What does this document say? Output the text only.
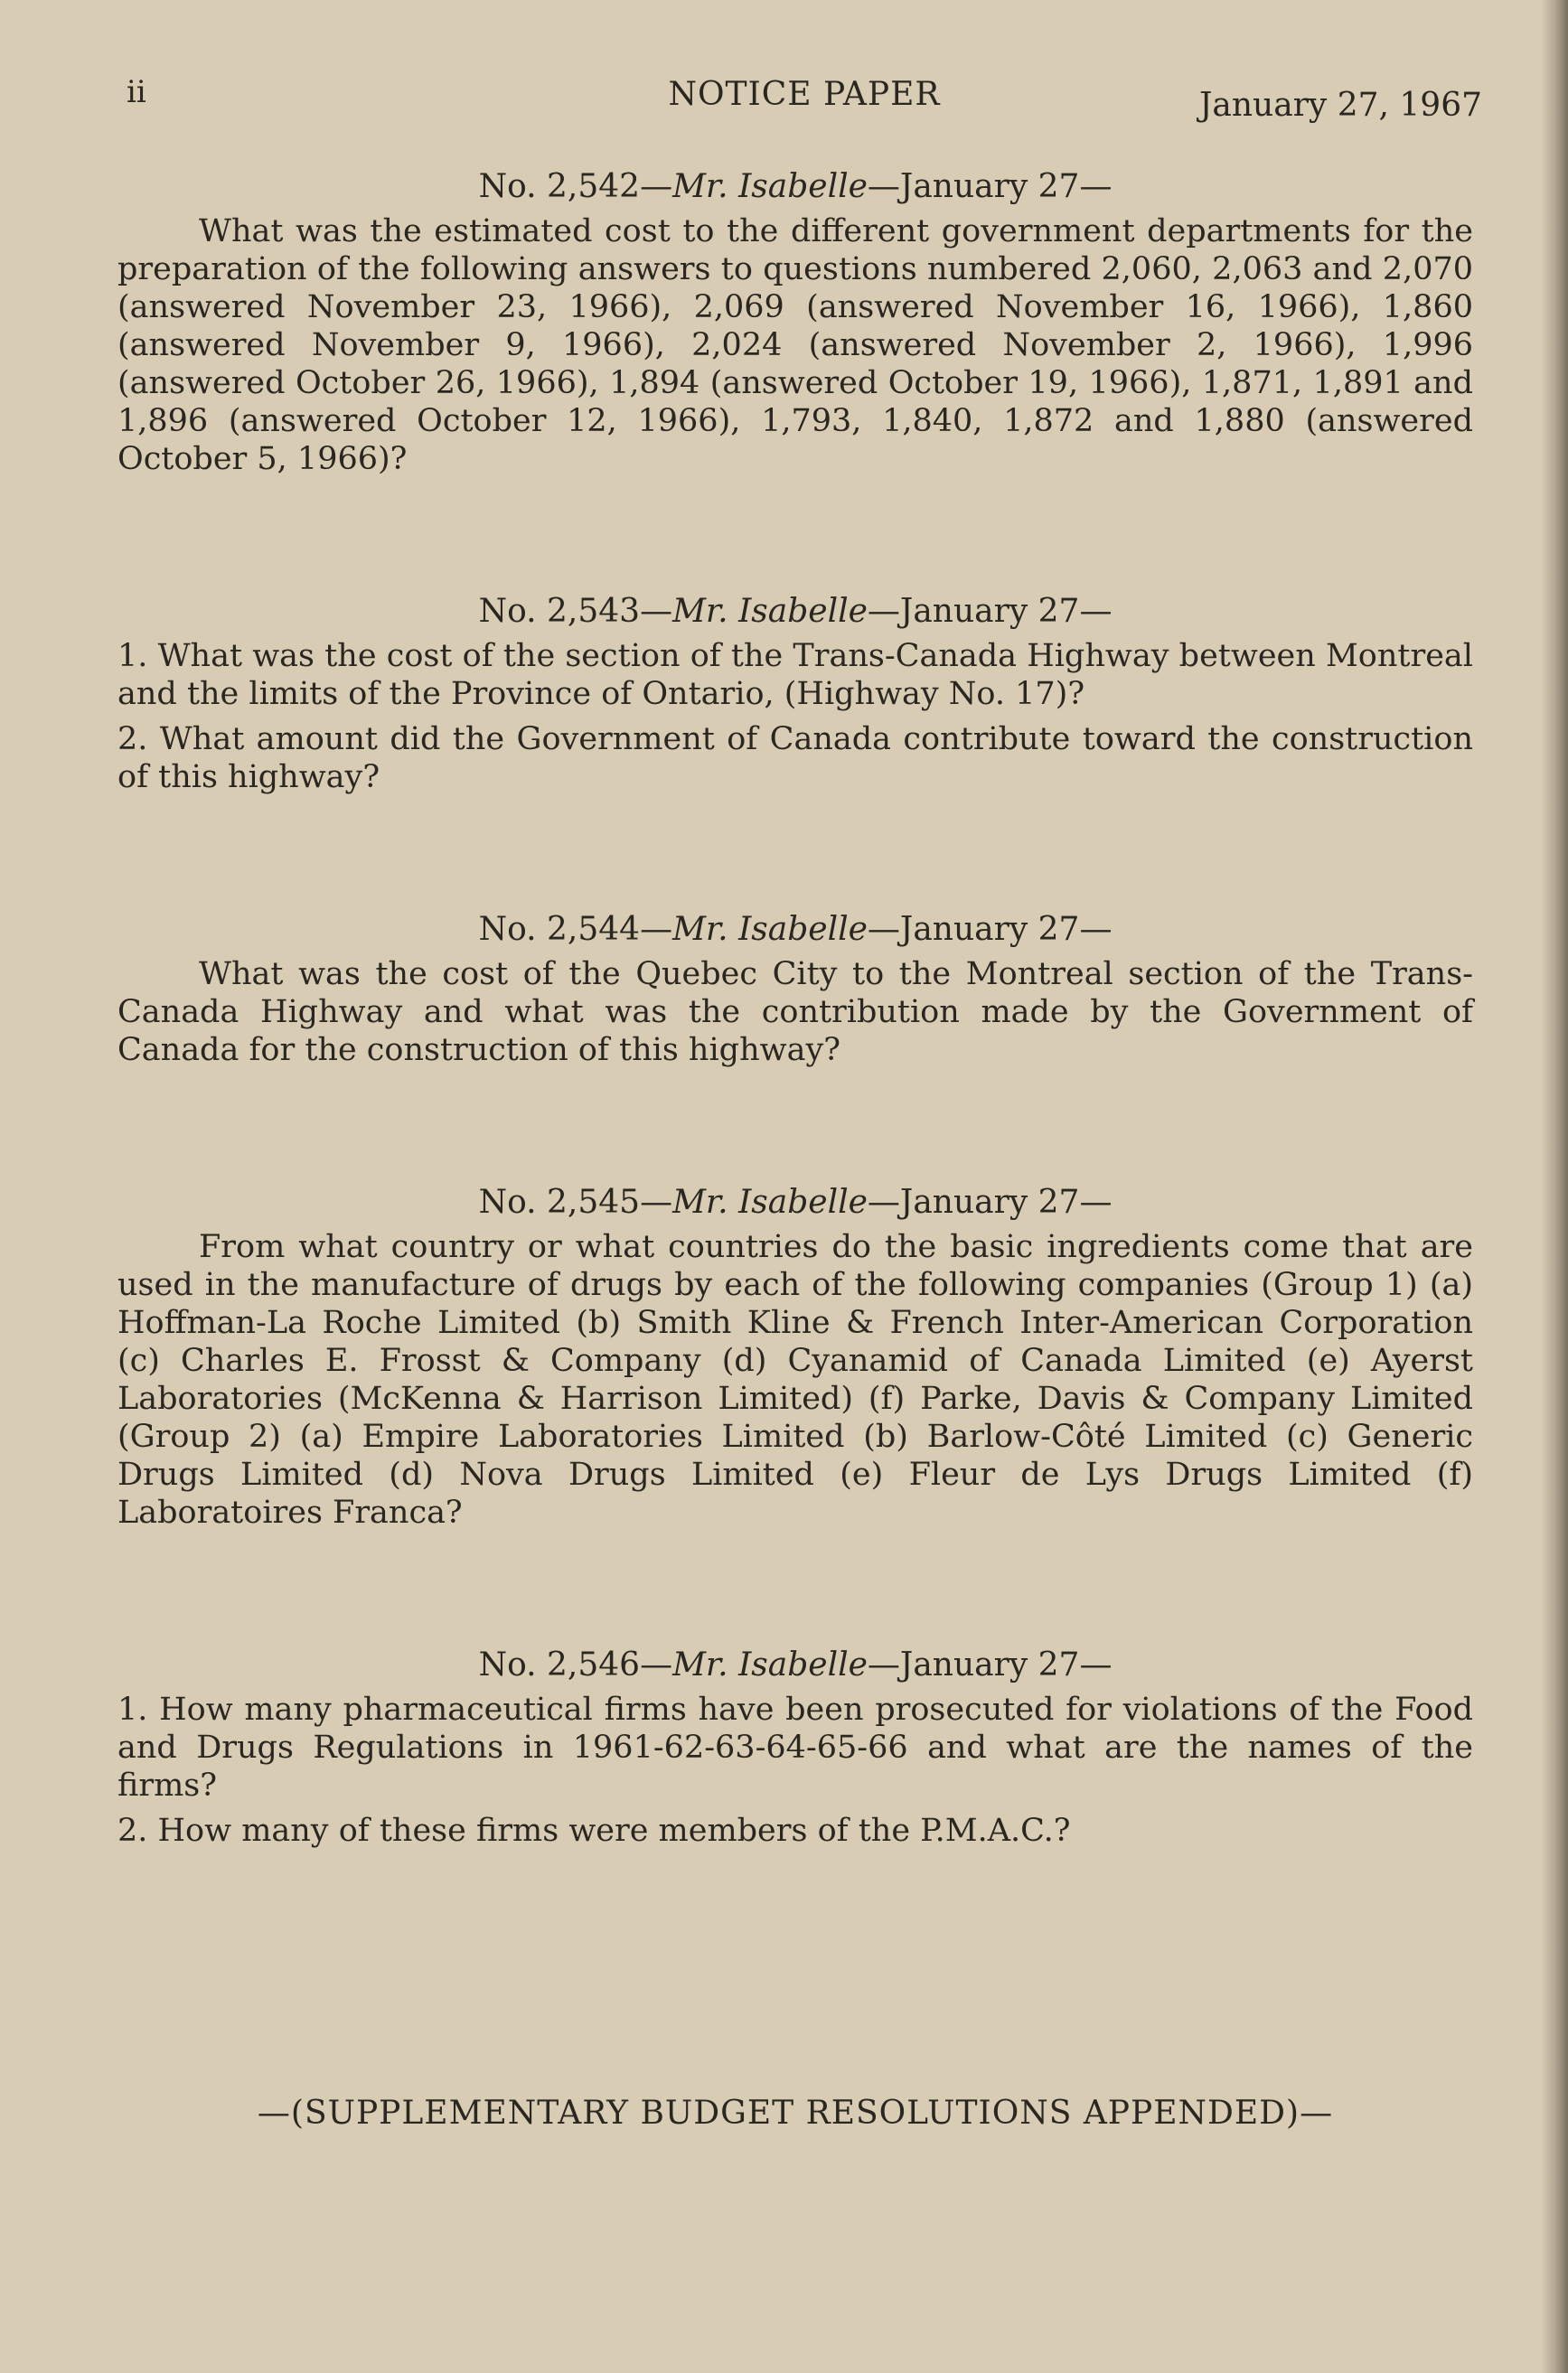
ii	NOTICE PAPER	January 27, 1967
No. 2,542—Mr. Isabelle—January 27—

What was the estimated cost to the different government departments for the preparation of the following answers to questions numbered 2,060, 2,063 and 2,070 (answered November 23, 1966), 2,069 (answered November 16, 1966), 1,860 (answered November 9, 1966), 2,024 (answered November 2, 1966), 1,996 (answered October 26, 1966), 1,894 (answered October 19, 1966), 1,871, 1,891 and 1,896 (answered October 12, 1966), 1,793, 1,840, 1,872 and 1,880 (answered October 5, 1966)?

No. 2,543—Mr. Isabelle—January 27—

1. What was the cost of the section of the Trans-Canada Highway between Montreal and the limits of the Province of Ontario, (Highway No. 17)?

2. What amount did the Government of Canada contribute toward the construction of this highway?

No. 2,544—Mr. Isabelle—January 27—

What was the cost of the Quebec City to the Montreal section of the Trans-Canada Highway and what was the contribution made by the Government of Canada for the construction of this highway?

No. 2,545—Mr. Isabelle—January 27—

From what country or what countries do the basic ingredients come that are used in the manufacture of drugs by each of the following companies (Group 1) (a) Hoffman-La Roche Limited (b) Smith Kline & French Inter-American Corporation (c) Charles E. Frosst & Company (d) Cyanamid of Canada Limited (e) Ayerst Laboratories (McKenna & Harrison Limited) (f) Parke, Davis & Company Limited (Group 2) (a) Empire Laboratories Limited (b) Barlow-Côté Limited (c) Generic Drugs Limited (d) Nova Drugs Limited (e) Fleur de Lys Drugs Limited (f) Laboratoires Franca?

No. 2,546—Mr. Isabelle—January 27—

1. How many pharmaceutical firms have been prosecuted for violations of the Food and Drugs Regulations in 1961-62-63-64-65-66 and what are the names of the firms?

2. How many of these firms were members of the P.M.A.C.?

—(SUPPLEMENTARY BUDGET RESOLUTIONS APPENDED)—
